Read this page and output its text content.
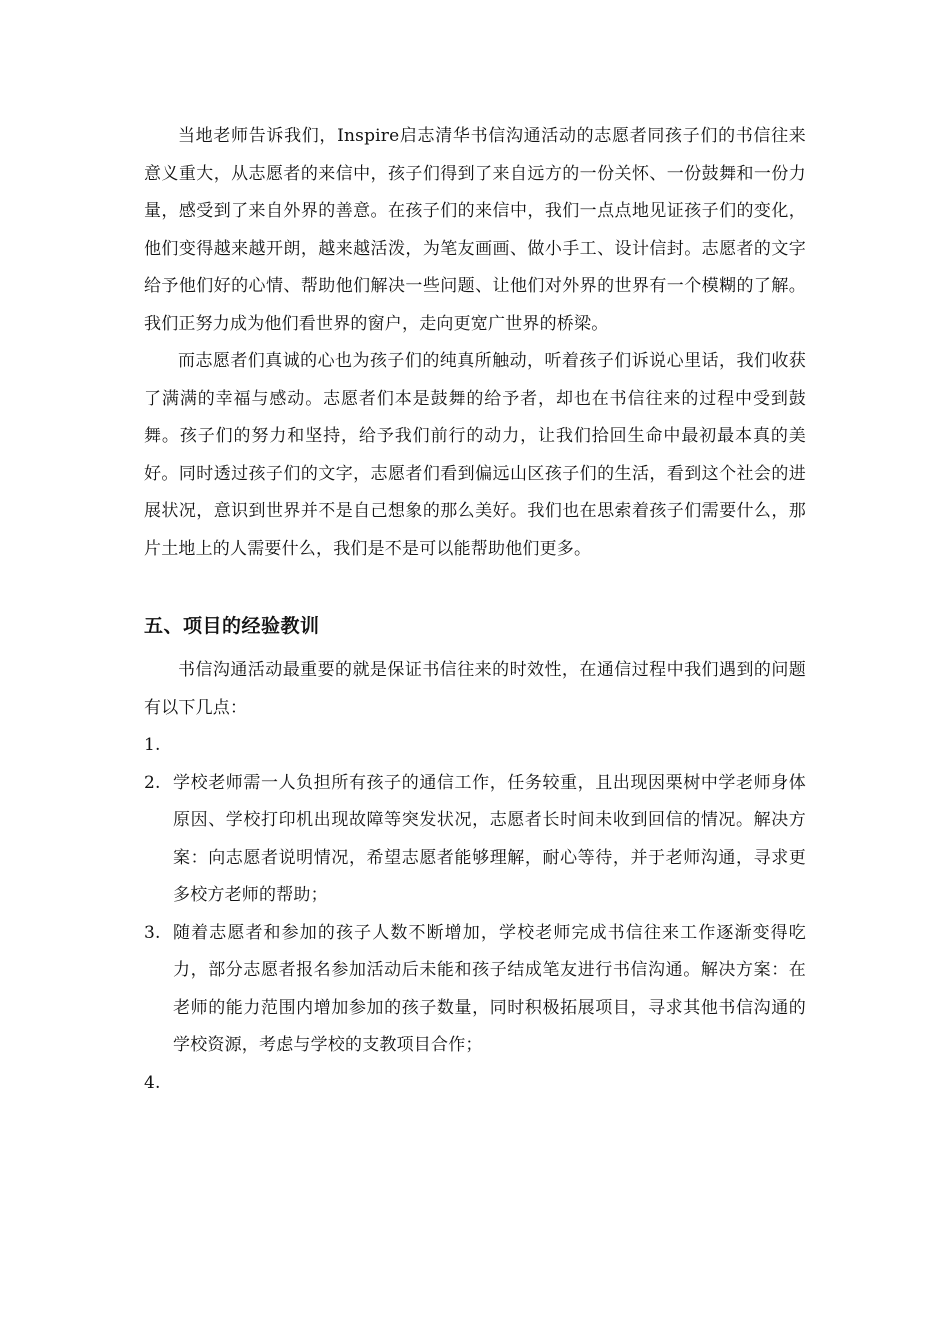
当地老师告诉我们，Inspire启志清华书信沟通活动的志愿者同孩子们的书信往来意义重大，从志愿者的来信中，孩子们得到了来自远方的一份关怀、一份鼓舞和一份力量，感受到了来自外界的善意。在孩子们的来信中，我们一点点地见证孩子们的变化，他们变得越来越开朗，越来越活泼，为笔友画画、做小手工、设计信封。志愿者的文字给予他们好的心情、帮助他们解决一些问题、让他们对外界的世界有一个模糊的了解。我们正努力成为他们看世界的窗户，走向更宽广世界的桥梁。

而志愿者们真诚的心也为孩子们的纯真所触动，听着孩子们诉说心里话，我们收获了满满的幸福与感动。志愿者们本是鼓舞的给予者，却也在书信往来的过程中受到鼓舞。孩子们的努力和坚持，给予我们前行的动力，让我们拾回生命中最初最本真的美好。同时透过孩子们的文字，志愿者们看到偏远山区孩子们的生活，看到这个社会的进展状况，意识到世界并不是自己想象的那么美好。我们也在思索着孩子们需要什么，那片土地上的人需要什么，我们是不是可以能帮助他们更多。

五、项目的经验教训

书信沟通活动最重要的就是保证书信往来的时效性，在通信过程中我们遇到的问题有以下几点：

1.
2. 学校老师需一人负担所有孩子的通信工作，任务较重，且出现因栗树中学老师身体原因、学校打印机出现故障等突发状况，志愿者长时间未收到回信的情况。解决方案：向志愿者说明情况，希望志愿者能够理解，耐心等待，并于老师沟通，寻求更多校方老师的帮助；
3. 随着志愿者和参加的孩子人数不断增加，学校老师完成书信往来工作逐渐变得吃力，部分志愿者报名参加活动后未能和孩子结成笔友进行书信沟通。解决方案：在老师的能力范围内增加参加的孩子数量，同时积极拓展项目，寻求其他书信沟通的学校资源，考虑与学校的支教项目合作；
4.
